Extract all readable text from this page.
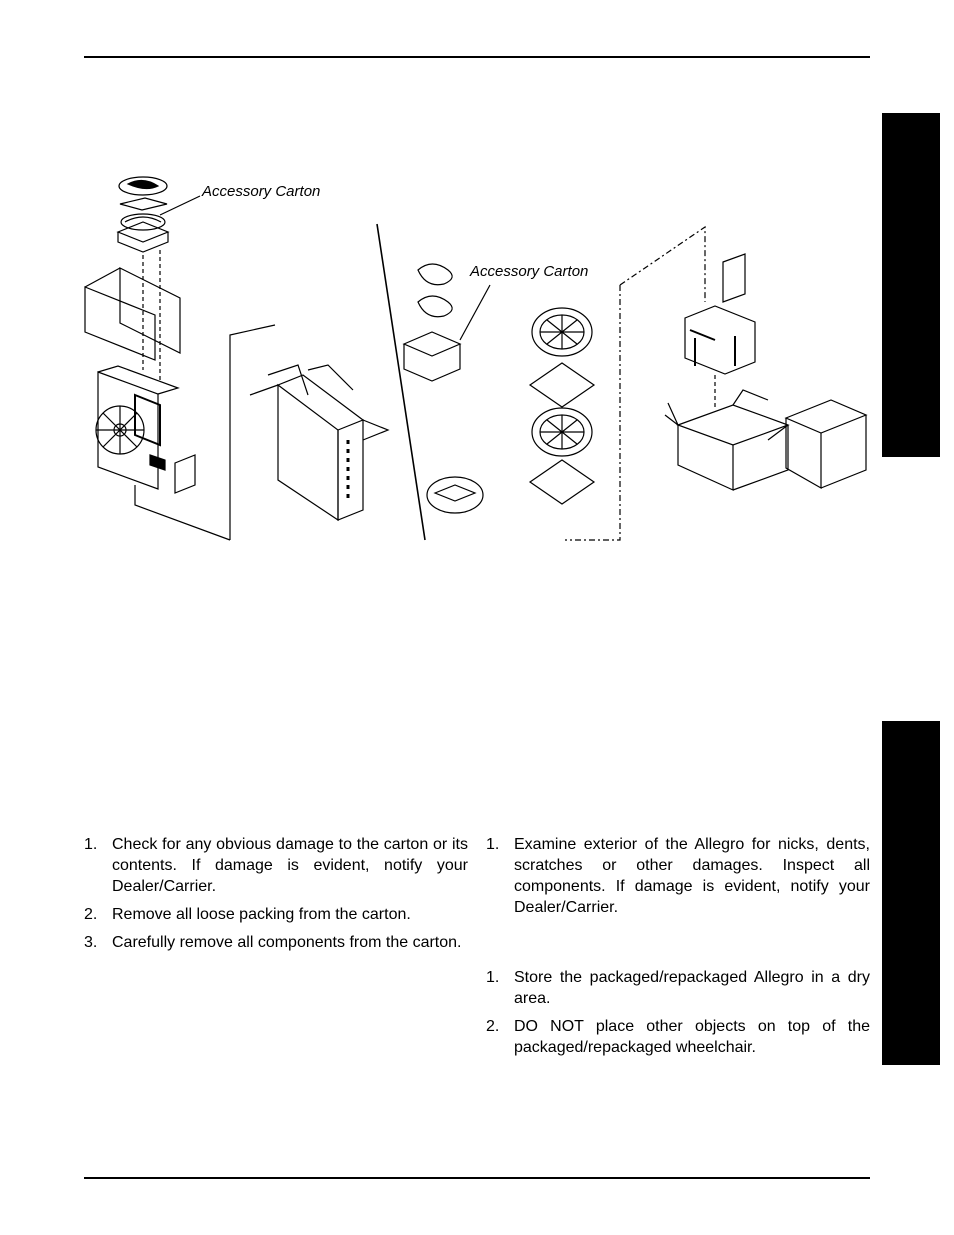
Accessory Carton
Accessory Carton
1. Check for any obvious damage to the carton or its contents. If damage is evident, notify your Dealer/Carrier.
2. Remove all loose packing from the carton.
3. Carefully remove all components from the carton.
1. Examine exterior of the Allegro for nicks, dents, scratches or other damages. Inspect all components. If damage is evident, notify your Dealer/Carrier.
1. Store the packaged/repackaged Allegro in a dry area.
2. DO NOT place other objects on top of the packaged/repackaged wheelchair.
